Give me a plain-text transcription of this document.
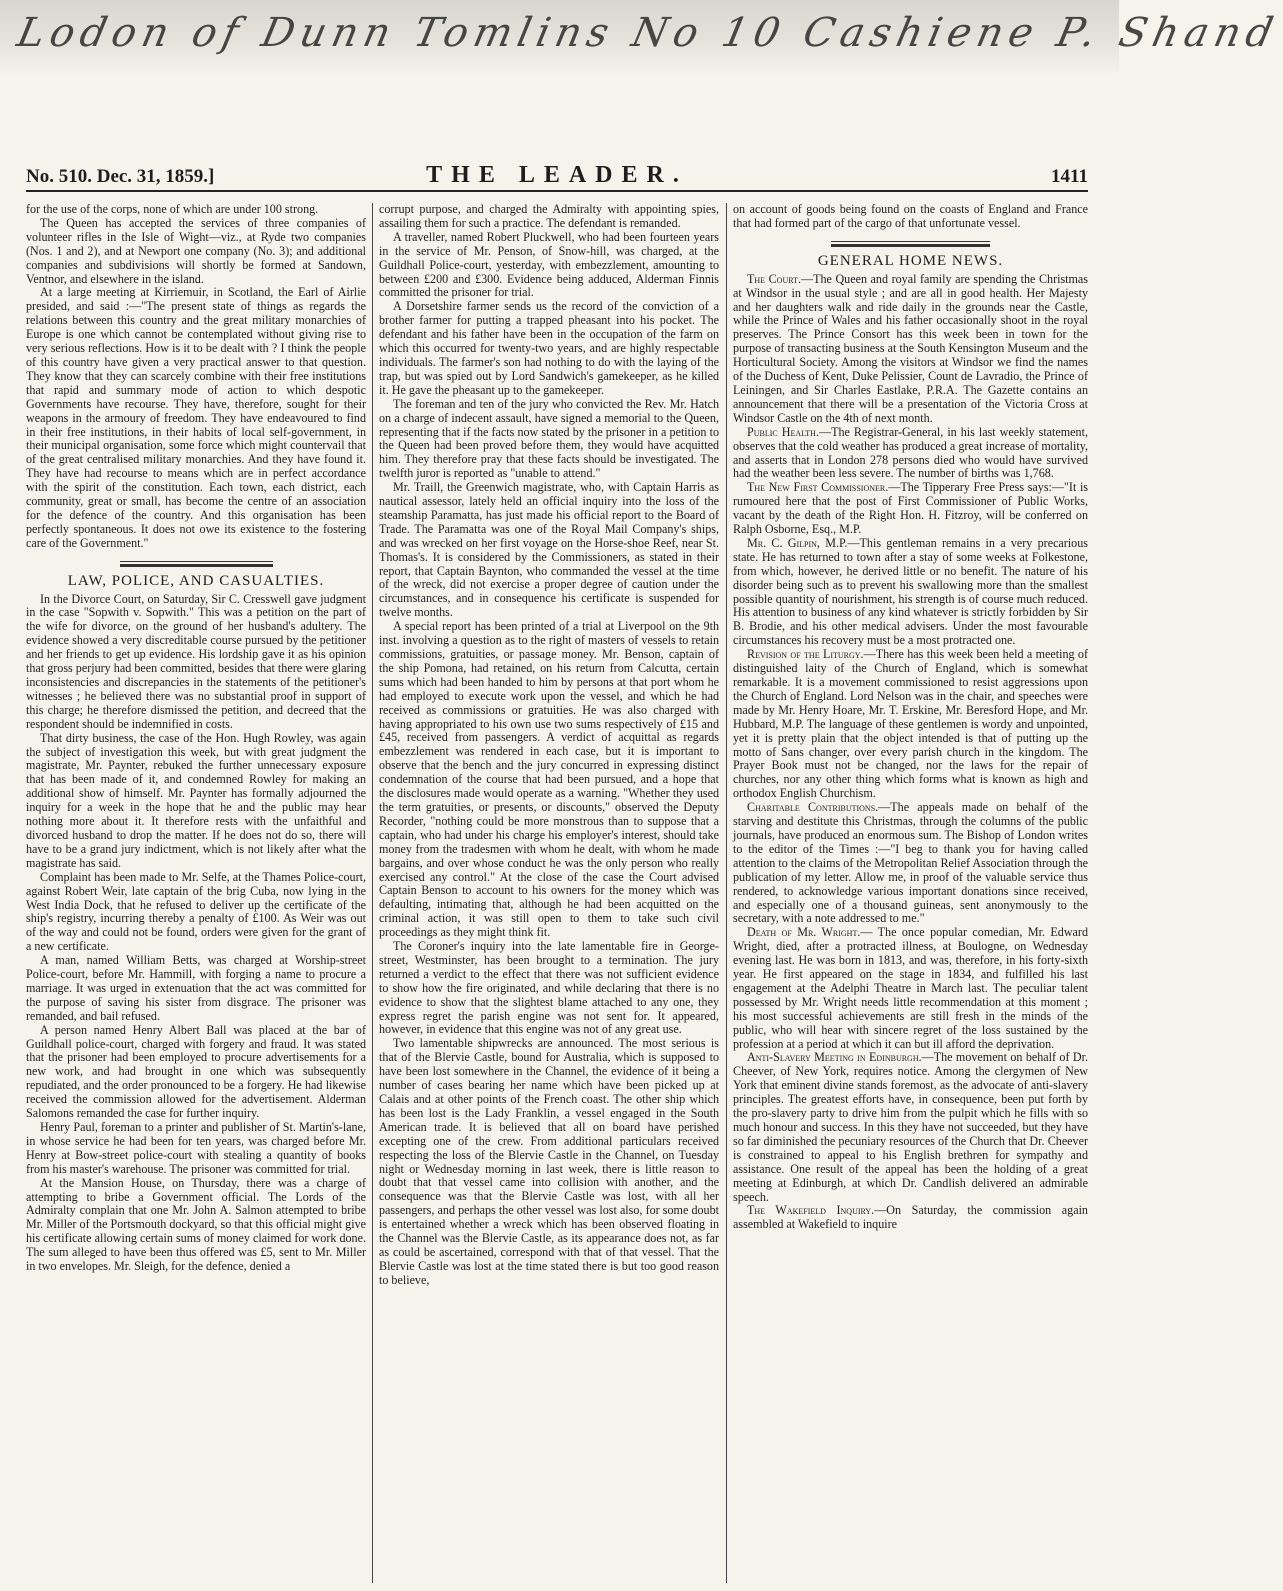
Lodon of Dunn Tomlins No 10 Cashiene P. Shand
No. 510. Dec. 31, 1859.]	THE LEADER.	1411

for the use of the corps, none of which are under 100 strong.

The Queen has accepted the services of three companies of volunteer rifles in the Isle of Wight—viz., at Ryde two companies (Nos. 1 and 2), and at Newport one company (No. 3); and additional companies and subdivisions will shortly be formed at Sandown, Ventnor, and elsewhere in the island.

At a large meeting at Kirriemuir, in Scotland, the Earl of Airlie presided, and said :—"The present state of things as regards the relations between this country and the great military monarchies of Europe is one which cannot be contemplated without giving rise to very serious reflections. How is it to be dealt with ? I think the people of this country have given a very practical answer to that question. They know that they can scarcely combine with their free institutions that rapid and summary mode of action to which despotic Governments have recourse. They have, therefore, sought for their weapons in the armoury of freedom. They have endeavoured to find in their free institutions, in their habits of local self-government, in their municipal organisation, some force which might countervail that of the great centralised military monarchies. And they have found it. They have had recourse to means which are in perfect accordance with the spirit of the constitution. Each town, each district, each community, great or small, has become the centre of an association for the defence of the country. And this organisation has been perfectly spontaneous. It does not owe its existence to the fostering care of the Government."

LAW, POLICE, AND CASUALTIES.

In the Divorce Court, on Saturday, Sir C. Cresswell gave judgment in the case "Sopwith v. Sopwith." This was a petition on the part of the wife for divorce, on the ground of her husband's adultery. The evidence showed a very discreditable course pursued by the petitioner and her friends to get up evidence. His lordship gave it as his opinion that gross perjury had been committed, besides that there were glaring inconsistencies and discrepancies in the statements of the petitioner's witnesses ; he believed there was no substantial proof in support of this charge; he therefore dismissed the petition, and decreed that the respondent should be indemnified in costs.

That dirty business, the case of the Hon. Hugh Rowley, was again the subject of investigation this week, but with great judgment the magistrate, Mr. Paynter, rebuked the further unnecessary exposure that has been made of it, and condemned Rowley for making an additional show of himself. Mr. Paynter has formally adjourned the inquiry for a week in the hope that he and the public may hear nothing more about it. It therefore rests with the unfaithful and divorced husband to drop the matter. If he does not do so, there will have to be a grand jury indictment, which is not likely after what the magistrate has said.

Complaint has been made to Mr. Selfe, at the Thames Police-court, against Robert Weir, late captain of the brig Cuba, now lying in the West India Dock, that he refused to deliver up the certificate of the ship's registry, incurring thereby a penalty of £100. As Weir was out of the way and could not be found, orders were given for the grant of a new certificate.

A man, named William Betts, was charged at Worship-street Police-court, before Mr. Hammill, with forging a name to procure a marriage. It was urged in extenuation that the act was committed for the purpose of saving his sister from disgrace. The prisoner was remanded, and bail refused.

A person named Henry Albert Ball was placed at the bar of Guildhall police-court, charged with forgery and fraud. It was stated that the prisoner had been employed to procure advertisements for a new work, and had brought in one which was subsequently repudiated, and the order pronounced to be a forgery. He had likewise received the commission allowed for the advertisement. Alderman Salomons remanded the case for further inquiry.

Henry Paul, foreman to a printer and publisher of St. Martin's-lane, in whose service he had been for ten years, was charged before Mr. Henry at Bow-street police-court with stealing a quantity of books from his master's warehouse. The prisoner was committed for trial.

At the Mansion House, on Thursday, there was a charge of attempting to bribe a Government official. The Lords of the Admiralty complain that one Mr. John A. Salmon attempted to bribe Mr. Miller of the Portsmouth dockyard, so that this official might give his certificate allowing certain sums of money claimed for work done. The sum alleged to have been thus offered was £5, sent to Mr. Miller in two envelopes. Mr. Sleigh, for the defence, denied a

corrupt purpose, and charged the Admiralty with appointing spies, assailing them for such a practice. The defendant is remanded.

A traveller, named Robert Pluckwell, who had been fourteen years in the service of Mr. Penson, of Snow-hill, was charged, at the Guildhall Police-court, yesterday, with embezzlement, amounting to between £200 and £300. Evidence being adduced, Alderman Finnis committed the prisoner for trial.

A Dorsetshire farmer sends us the record of the conviction of a brother farmer for putting a trapped pheasant into his pocket. The defendant and his father have been in the occupation of the farm on which this occurred for twenty-two years, and are highly respectable individuals. The farmer's son had nothing to do with the laying of the trap, but was spied out by Lord Sandwich's gamekeeper, as he killed it. He gave the pheasant up to the gamekeeper.

The foreman and ten of the jury who convicted the Rev. Mr. Hatch on a charge of indecent assault, have signed a memorial to the Queen, representing that if the facts now stated by the prisoner in a petition to the Queen had been proved before them, they would have acquitted him. They therefore pray that these facts should be investigated. The twelfth juror is reported as "unable to attend."

Mr. Traill, the Greenwich magistrate, who, with Captain Harris as nautical assessor, lately held an official inquiry into the loss of the steamship Paramatta, has just made his official report to the Board of Trade. The Paramatta was one of the Royal Mail Company's ships, and was wrecked on her first voyage on the Horse-shoe Reef, near St. Thomas's. It is considered by the Commissioners, as stated in their report, that Captain Baynton, who commanded the vessel at the time of the wreck, did not exercise a proper degree of caution under the circumstances, and in consequence his certificate is suspended for twelve months.

A special report has been printed of a trial at Liverpool on the 9th inst. involving a question as to the right of masters of vessels to retain commissions, gratuities, or passage money. Mr. Benson, captain of the ship Pomona, had retained, on his return from Calcutta, certain sums which had been handed to him by persons at that port whom he had employed to execute work upon the vessel, and which he had received as commissions or gratuities. He was also charged with having appropriated to his own use two sums respectively of £15 and £45, received from passengers. A verdict of acquittal as regards embezzlement was rendered in each case, but it is important to observe that the bench and the jury concurred in expressing distinct condemnation of the course that had been pursued, and a hope that the disclosures made would operate as a warning. "Whether they used the term gratuities, or presents, or discounts," observed the Deputy Recorder, "nothing could be more monstrous than to suppose that a captain, who had under his charge his employer's interest, should take money from the tradesmen with whom he dealt, with whom he made bargains, and over whose conduct he was the only person who really exercised any control." At the close of the case the Court advised Captain Benson to account to his owners for the money which was defaulting, intimating that, although he had been acquitted on the criminal action, it was still open to them to take such civil proceedings as they might think fit.

The Coroner's inquiry into the late lamentable fire in George-street, Westminster, has been brought to a termination. The jury returned a verdict to the effect that there was not sufficient evidence to show how the fire originated, and while declaring that there is no evidence to show that the slightest blame attached to any one, they express regret the parish engine was not sent for. It appeared, however, in evidence that this engine was not of any great use.

Two lamentable shipwrecks are announced. The most serious is that of the Blervie Castle, bound for Australia, which is supposed to have been lost somewhere in the Channel, the evidence of it being a number of cases bearing her name which have been picked up at Calais and at other points of the French coast. The other ship which has been lost is the Lady Franklin, a vessel engaged in the South American trade. It is believed that all on board have perished excepting one of the crew. From additional particulars received respecting the loss of the Blervie Castle in the Channel, on Tuesday night or Wednesday morning in last week, there is little reason to doubt that that vessel came into collision with another, and the consequence was that the Blervie Castle was lost, with all her passengers, and perhaps the other vessel was lost also, for some doubt is entertained whether a wreck which has been observed floating in the Channel was the Blervie Castle, as its appearance does not, as far as could be ascertained, correspond with that of that vessel. That the Blervie Castle was lost at the time stated there is but too good reason to believe,

on account of goods being found on the coasts of England and France that had formed part of the cargo of that unfortunate vessel.

GENERAL HOME NEWS.

The Court.—The Queen and royal family are spending the Christmas at Windsor in the usual style ; and are all in good health. Her Majesty and her daughters walk and ride daily in the grounds near the Castle, while the Prince of Wales and his father occasionally shoot in the royal preserves. The Prince Consort has this week been in town for the purpose of transacting business at the South Kensington Museum and the Horticultural Society. Among the visitors at Windsor we find the names of the Duchess of Kent, Duke Pelissier, Count de Lavradio, the Prince of Leiningen, and Sir Charles Eastlake, P.R.A. The Gazette contains an announcement that there will be a presentation of the Victoria Cross at Windsor Castle on the 4th of next month.

Public Health.—The Registrar-General, in his last weekly statement, observes that the cold weather has produced a great increase of mortality, and asserts that in London 278 persons died who would have survived had the weather been less severe. The number of births was 1,768.

The New First Commissioner.—The Tipperary Free Press says:—"It is rumoured here that the post of First Commissioner of Public Works, vacant by the death of the Right Hon. H. Fitzroy, will be conferred on Ralph Osborne, Esq., M.P.

Mr. C. Gilpin, M.P.—This gentleman remains in a very precarious state. He has returned to town after a stay of some weeks at Folkestone, from which, however, he derived little or no benefit. The nature of his disorder being such as to prevent his swallowing more than the smallest possible quantity of nourishment, his strength is of course much reduced. His attention to business of any kind whatever is strictly forbidden by Sir B. Brodie, and his other medical advisers. Under the most favourable circumstances his recovery must be a most protracted one.

Revision of the Liturgy.—There has this week been held a meeting of distinguished laity of the Church of England, which is somewhat remarkable. It is a movement commissioned to resist aggressions upon the Church of England. Lord Nelson was in the chair, and speeches were made by Mr. Henry Hoare, Mr. T. Erskine, Mr. Beresford Hope, and Mr. Hubbard, M.P. The language of these gentlemen is wordy and unpointed, yet it is pretty plain that the object intended is that of putting up the motto of Sans changer, over every parish church in the kingdom. The Prayer Book must not be changed, nor the laws for the repair of churches, nor any other thing which forms what is known as high and orthodox English Churchism.

Charitable Contributions.—The appeals made on behalf of the starving and destitute this Christmas, through the columns of the public journals, have produced an enormous sum. The Bishop of London writes to the editor of the Times :—"I beg to thank you for having called attention to the claims of the Metropolitan Relief Association through the publication of my letter. Allow me, in proof of the valuable service thus rendered, to acknowledge various important donations since received, and especially one of a thousand guineas, sent anonymously to the secretary, with a note addressed to me."

Death of Mr. Wright.— The once popular comedian, Mr. Edward Wright, died, after a protracted illness, at Boulogne, on Wednesday evening last. He was born in 1813, and was, therefore, in his forty-sixth year. He first appeared on the stage in 1834, and fulfilled his last engagement at the Adelphi Theatre in March last. The peculiar talent possessed by Mr. Wright needs little recommendation at this moment ; his most successful achievements are still fresh in the minds of the public, who will hear with sincere regret of the loss sustained by the profession at a period at which it can but ill afford the deprivation.

Anti-Slavery Meeting in Edinburgh.—The movement on behalf of Dr. Cheever, of New York, requires notice. Among the clergymen of New York that eminent divine stands foremost, as the advocate of anti-slavery principles. The greatest efforts have, in consequence, been put forth by the pro-slavery party to drive him from the pulpit which he fills with so much honour and success. In this they have not succeeded, but they have so far diminished the pecuniary resources of the Church that Dr. Cheever is constrained to appeal to his English brethren for sympathy and assistance. One result of the appeal has been the holding of a great meeting at Edinburgh, at which Dr. Candlish delivered an admirable speech.

The Wakefield Inquiry.—On Saturday, the commission again assembled at Wakefield to inquire
